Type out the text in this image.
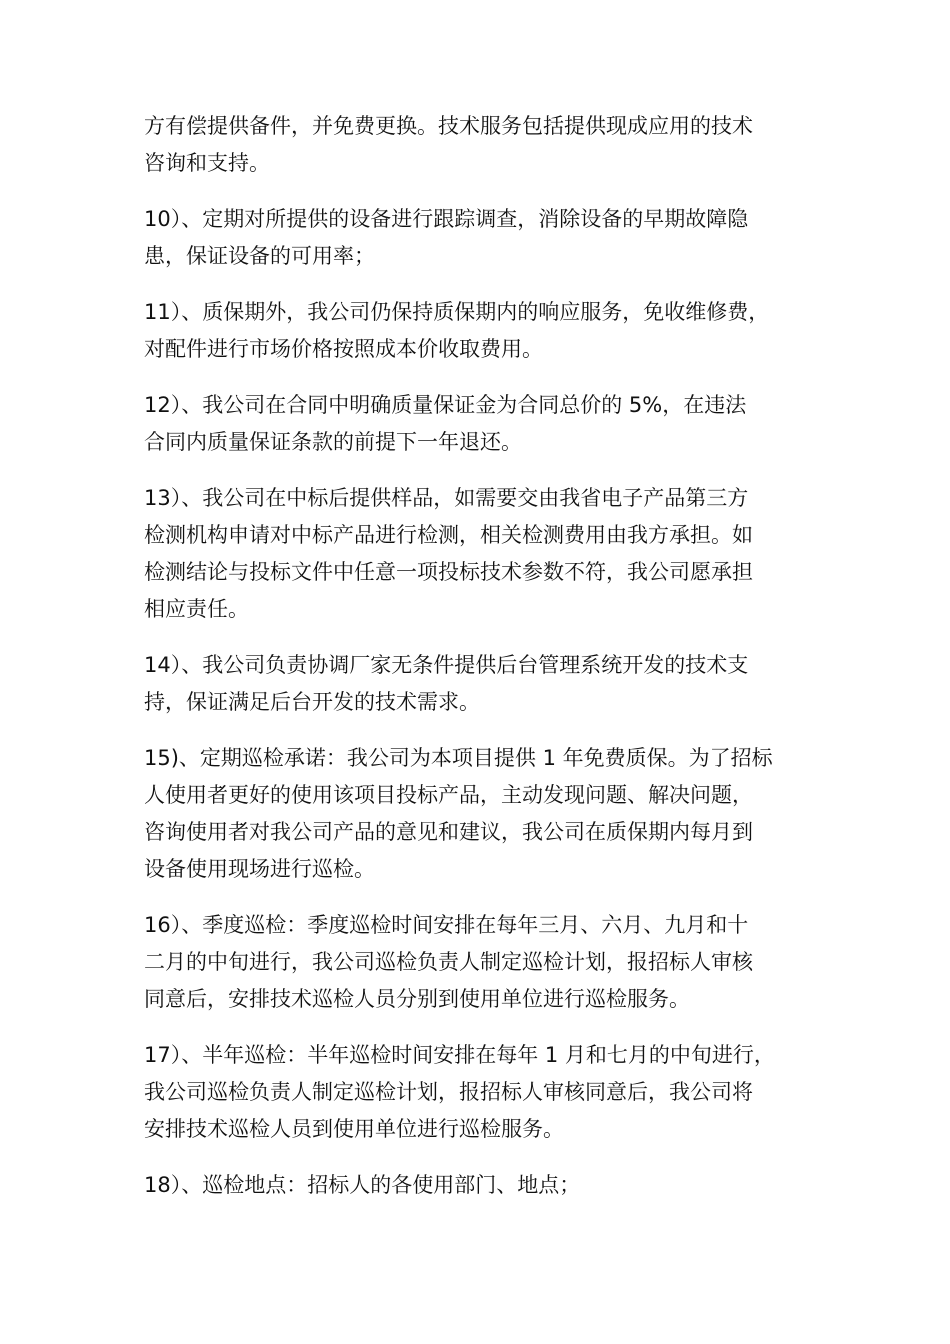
方有偿提供备件，并免费更换。技术服务包括提供现成应用的技术
咨询和支持。

10）、定期对所提供的设备进行跟踪调查，消除设备的早期故障隐
患，保证设备的可用率；

11）、质保期外，我公司仍保持质保期内的响应服务，免收维修费，
对配件进行市场价格按照成本价收取费用。

12）、我公司在合同中明确质量保证金为合同总价的 5%，在违法
合同内质量保证条款的前提下一年退还。

13）、我公司在中标后提供样品，如需要交由我省电子产品第三方
检测机构申请对中标产品进行检测，相关检测费用由我方承担。如
检测结论与投标文件中任意一项投标技术参数不符，我公司愿承担
相应责任。

14）、我公司负责协调厂家无条件提供后台管理系统开发的技术支
持，保证满足后台开发的技术需求。

15)、定期巡检承诺：我公司为本项目提供 1 年免费质保。为了招标
人使用者更好的使用该项目投标产品，主动发现问题、解决问题，
咨询使用者对我公司产品的意见和建议，我公司在质保期内每月到
设备使用现场进行巡检。

16）、季度巡检：季度巡检时间安排在每年三月、六月、九月和十
二月的中旬进行，我公司巡检负责人制定巡检计划，报招标人审核
同意后，安排技术巡检人员分别到使用单位进行巡检服务。

17）、半年巡检：半年巡检时间安排在每年 1 月和七月的中旬进行，
我公司巡检负责人制定巡检计划，报招标人审核同意后，我公司将
安排技术巡检人员到使用单位进行巡检服务。

18）、巡检地点：招标人的各使用部门、地点；
